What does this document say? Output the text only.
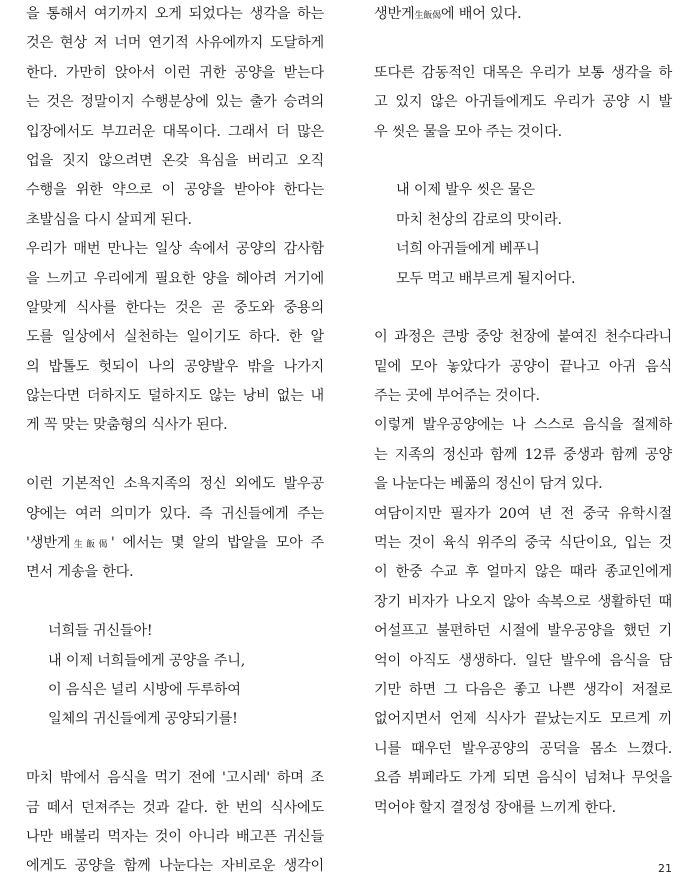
을 통해서 여기까지 오게 되었다는 생각을 하는
것은 현상 저 너머 연기적 사유에까지 도달하게
한다. 가만히 앉아서 이런 귀한 공양을 받는다
는 것은 정말이지 수행분상에 있는 출가 승려의
입장에서도 부끄러운 대목이다. 그래서 더 많은
업을 짓지 않으려면 온갖 욕심을 버리고 오직
수행을 위한 약으로 이 공양을 받아야 한다는
초발심을 다시 살피게 된다.
우리가 매번 만나는 일상 속에서 공양의 감사함
을 느끼고 우리에게 필요한 양을 헤아려 거기에
알맞게 식사를 한다는 것은 곧 중도와 중용의
도를 일상에서 실천하는 일이기도 하다. 한 알
의 밥톨도 헛되이 나의 공양발우 밖을 나가지
않는다면 더하지도 덜하지도 않는 낭비 없는 내
게 꼭 맞는 맞춤형의 식사가 된다.
이런 기본적인 소욕지족의 정신 외에도 발우공
양에는 여러 의미가 있다. 즉 귀신들에게 주는
'생반게生飯偈' 에서는 몇 알의 밥알을 모아 주
면서 게송을 한다.
너희들 귀신들아!
내 이제 너희들에게 공양을 주니,
이 음식은 널리 시방에 두루하여
일체의 귀신들에게 공양되기를!
마치 밖에서 음식을 먹기 전에 '고시레' 하며 조
금 떼서 던져주는 것과 같다. 한 번의 식사에도
나만 배불리 먹자는 것이 아니라 배고픈 귀신들
에게도 공양을 함께 나눈다는 자비로운 생각이
생반게生飯偈에 배어 있다.
또다른 감동적인 대목은 우리가 보통 생각을 하
고 있지 않은 아귀들에게도 우리가 공양 시 발
우 씻은 물을 모아 주는 것이다.
내 이제 발우 씻은 물은
마치 천상의 감로의 맛이라.
너희 아귀들에게 베푸니
모두 먹고 배부르게 될지어다.
이 과정은 큰방 중앙 천장에 붙여진 천수다라니
밑에 모아 놓았다가 공양이 끝나고 아귀 음식
주는 곳에 부어주는 것이다.
이렇게 발우공양에는 나 스스로 음식을 절제하
는 지족의 정신과 함께 12류 중생과 함께 공양
을 나눈다는 베풂의 정신이 담겨 있다.
여담이지만 필자가 20여 년 전 중국 유학시절
먹는 것이 육식 위주의 중국 식단이요, 입는 것
이 한중 수교 후 얼마지 않은 때라 종교인에게
장기 비자가 나오지 않아 속복으로 생활하던 때
어설프고 불편하던 시절에 발우공양을 했던 기
억이 아직도 생생하다. 일단 발우에 음식을 담
기만 하면 그 다음은 좋고 나쁜 생각이 저절로
없어지면서 언제 식사가 끝났는지도 모르게 끼
니를 때우던 발우공양의 공덕을 몸소 느꼈다.
요즘 뷔페라도 가게 되면 음식이 넘쳐나 무엇을
먹어야 할지 결정성 장애를 느끼게 한다.
21
